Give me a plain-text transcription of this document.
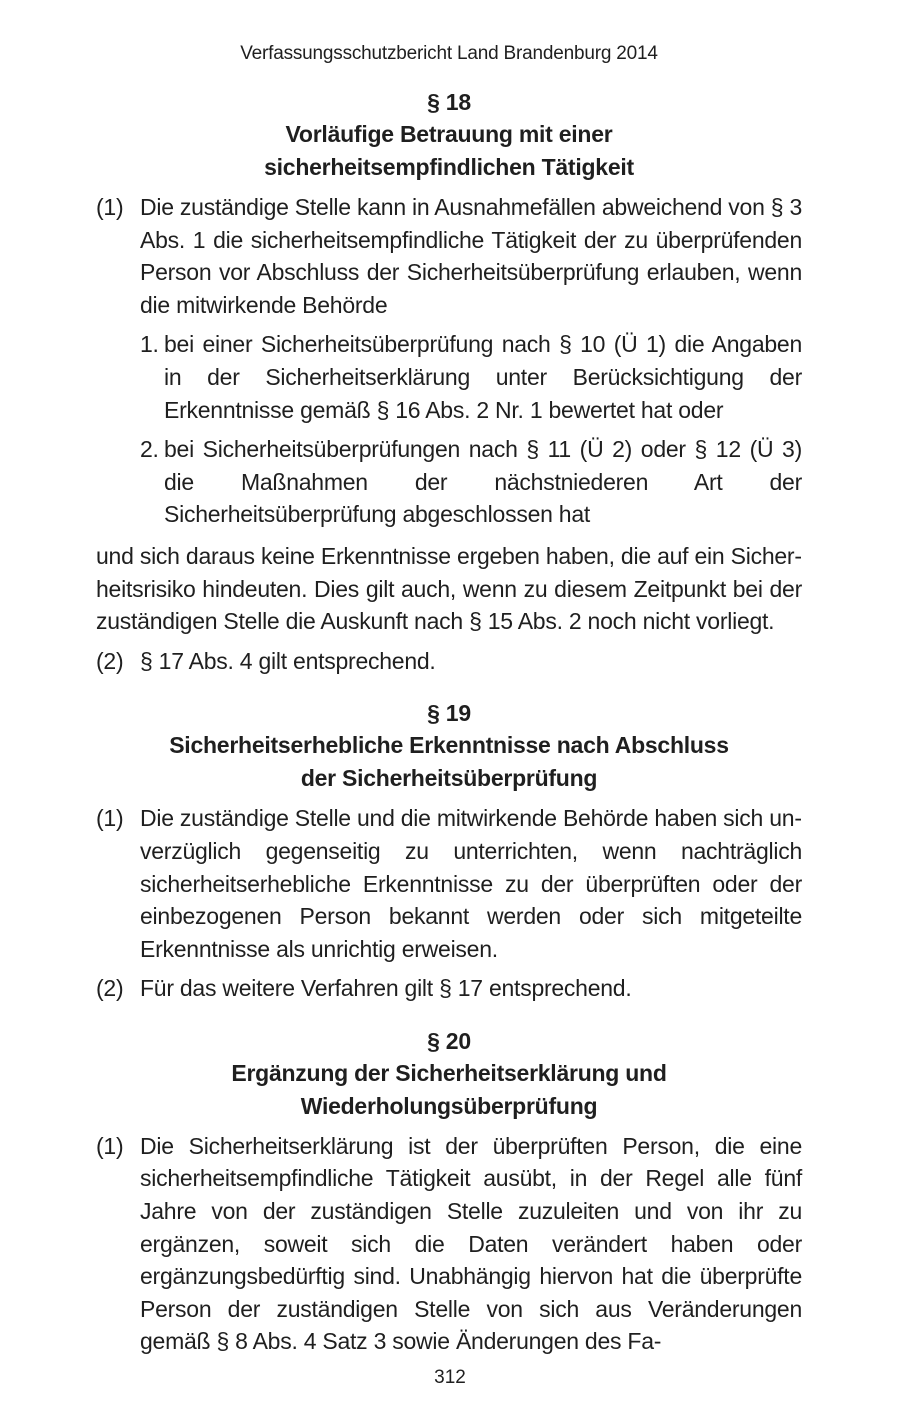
Verfassungsschutzbericht Land Brandenburg 2014
§ 18
Vorläufige Betrauung mit einer
sicherheitsempfindlichen Tätigkeit
(1) Die zuständige Stelle kann in Ausnahmefällen abweichend von § 3 Abs. 1 die sicherheitsempfindliche Tätigkeit der zu überprüfenden Person vor Abschluss der Sicherheitsüberprüfung erlauben, wenn die mitwirkende Behörde
1. bei einer Sicherheitsüberprüfung nach § 10 (Ü 1) die Angaben in der Sicherheitserklärung unter Berücksichtigung der Erkenntnisse gemäß § 16 Abs. 2 Nr. 1 bewertet hat oder
2. bei Sicherheitsüberprüfungen nach § 11 (Ü 2) oder § 12 (Ü 3) die Maßnahmen der nächstniederen Art der Sicherheitsüberprüfung abgeschlossen hat
und sich daraus keine Erkenntnisse ergeben haben, die auf ein Sicherheitsrisiko hindeuten. Dies gilt auch, wenn zu diesem Zeitpunkt bei der zuständigen Stelle die Auskunft nach § 15 Abs. 2 noch nicht vorliegt.
(2) § 17 Abs. 4 gilt entsprechend.
§ 19
Sicherheitserhebliche Erkenntnisse nach Abschluss
der Sicherheitsüberprüfung
(1) Die zuständige Stelle und die mitwirkende Behörde haben sich unverzüglich gegenseitig zu unterrichten, wenn nachträglich sicherheitserhebliche Erkenntnisse zu der überprüften oder der einbezogenen Person bekannt werden oder sich mitgeteilte Erkenntnisse als unrichtig erweisen.
(2) Für das weitere Verfahren gilt § 17 entsprechend.
§ 20
Ergänzung der Sicherheitserklärung und
Wiederholungsüberprüfung
(1) Die Sicherheitserklärung ist der überprüften Person, die eine sicherheitsempfindliche Tätigkeit ausübt, in der Regel alle fünf Jahre von der zuständigen Stelle zuzuleiten und von ihr zu ergänzen, soweit sich die Daten verändert haben oder ergänzungsbedürftig sind. Unabhängig hiervon hat die überprüfte Person der zuständigen Stelle von sich aus Veränderungen gemäß § 8 Abs. 4 Satz 3 sowie Änderungen des Fa-
312
